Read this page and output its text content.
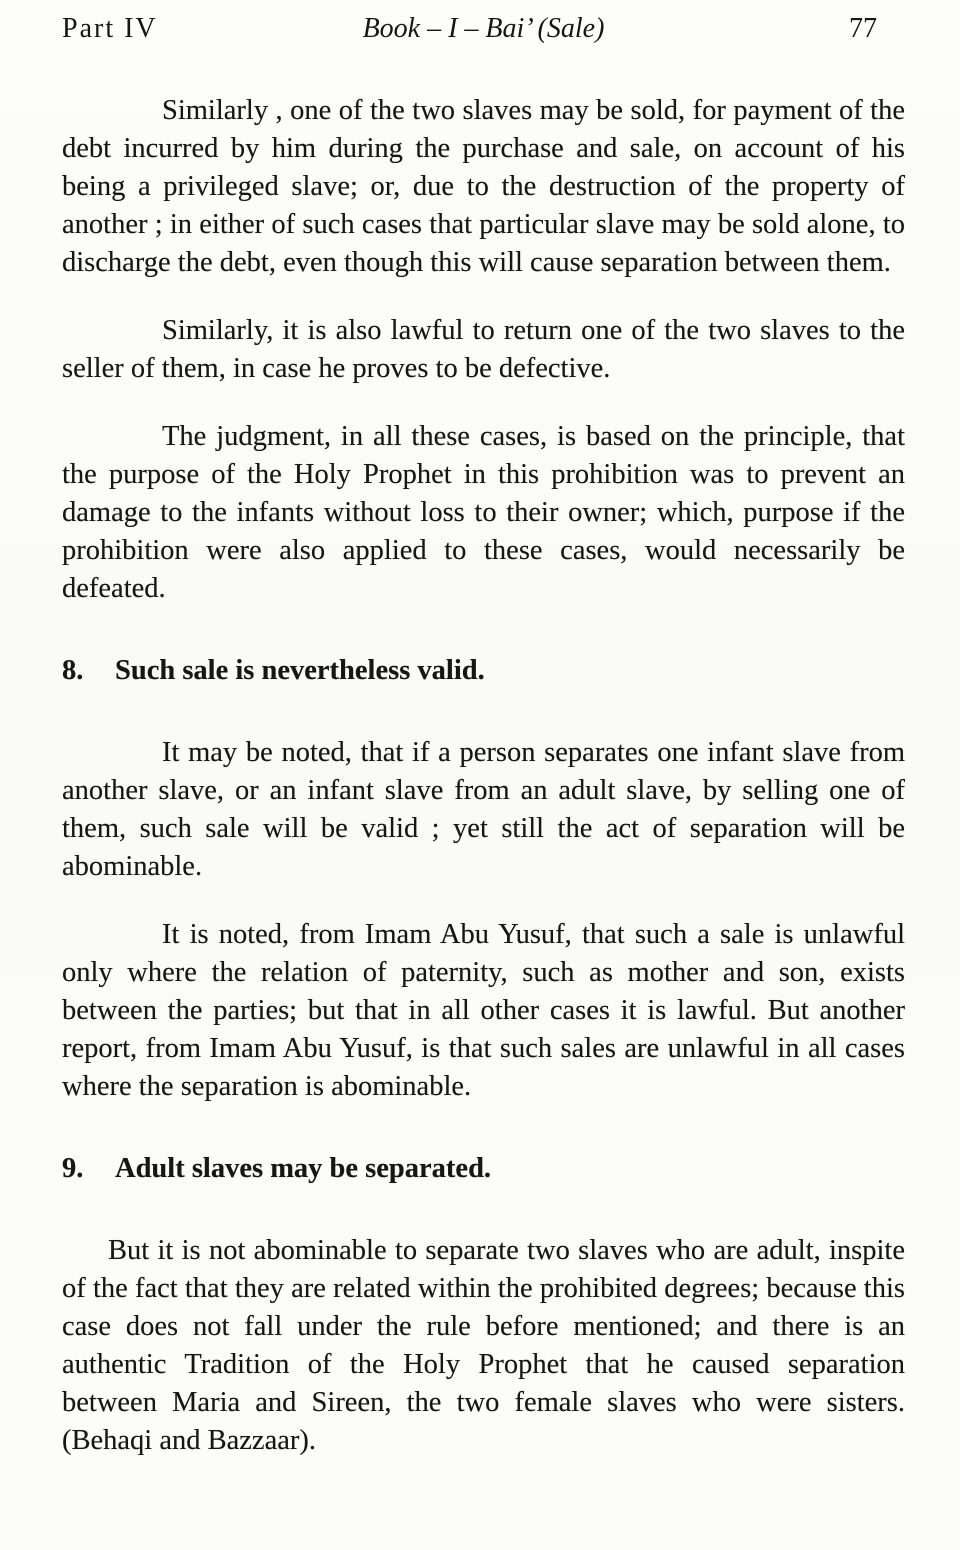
Part IV	Book – I – Bai’ (Sale)	77

Similarly , one of the two slaves may be sold, for payment of the debt incurred by him during the purchase and sale, on account of his being a privileged slave; or, due to the destruction of the property of another ; in either of such cases that particular slave may be sold alone, to discharge the debt, even though this will cause separation between them.

Similarly, it is also lawful to return one of the two slaves to the seller of them, in case he proves to be defective.

The judgment, in all these cases, is based on the principle, that the purpose of the Holy Prophet in this prohibition was to prevent an damage to the infants without loss to their owner; which, purpose if the prohibition were also applied to these cases, would necessarily be defeated.

8. Such sale is nevertheless valid.

It may be noted, that if a person separates one infant slave from another slave, or an infant slave from an adult slave, by selling one of them, such sale will be valid ; yet still the act of separation will be abominable.

It is noted, from Imam Abu Yusuf, that such a sale is unlawful only where the relation of paternity, such as mother and son, exists between the parties; but that in all other cases it is lawful. But another report, from Imam Abu Yusuf, is that such sales are unlawful in all cases where the separation is abominable.

9. Adult slaves may be separated.

But it is not abominable to separate two slaves who are adult, inspite of the fact that they are related within the prohibited degrees; because this case does not fall under the rule before mentioned; and there is an authentic Tradition of the Holy Prophet that he caused separation between Maria and Sireen, the two female slaves who were sisters. (Behaqi and Bazzaar).
